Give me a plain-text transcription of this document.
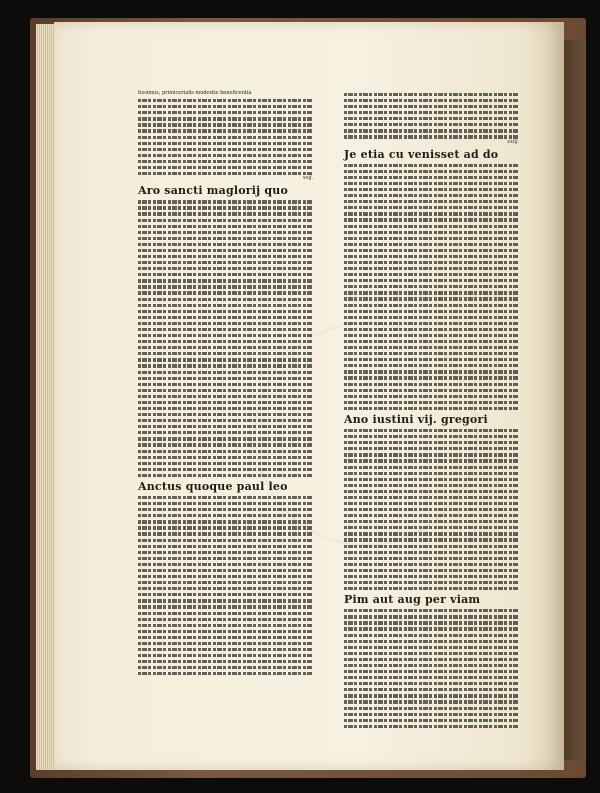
tissimus, primicerialis modestie beneficentia

xxij.
Aro sancti maglorij quo
Anctus quoque paul leo
xxiij.
Je etia cu venisset ad do
Ano iustini vij. gregori
Pim aut aug per viam
